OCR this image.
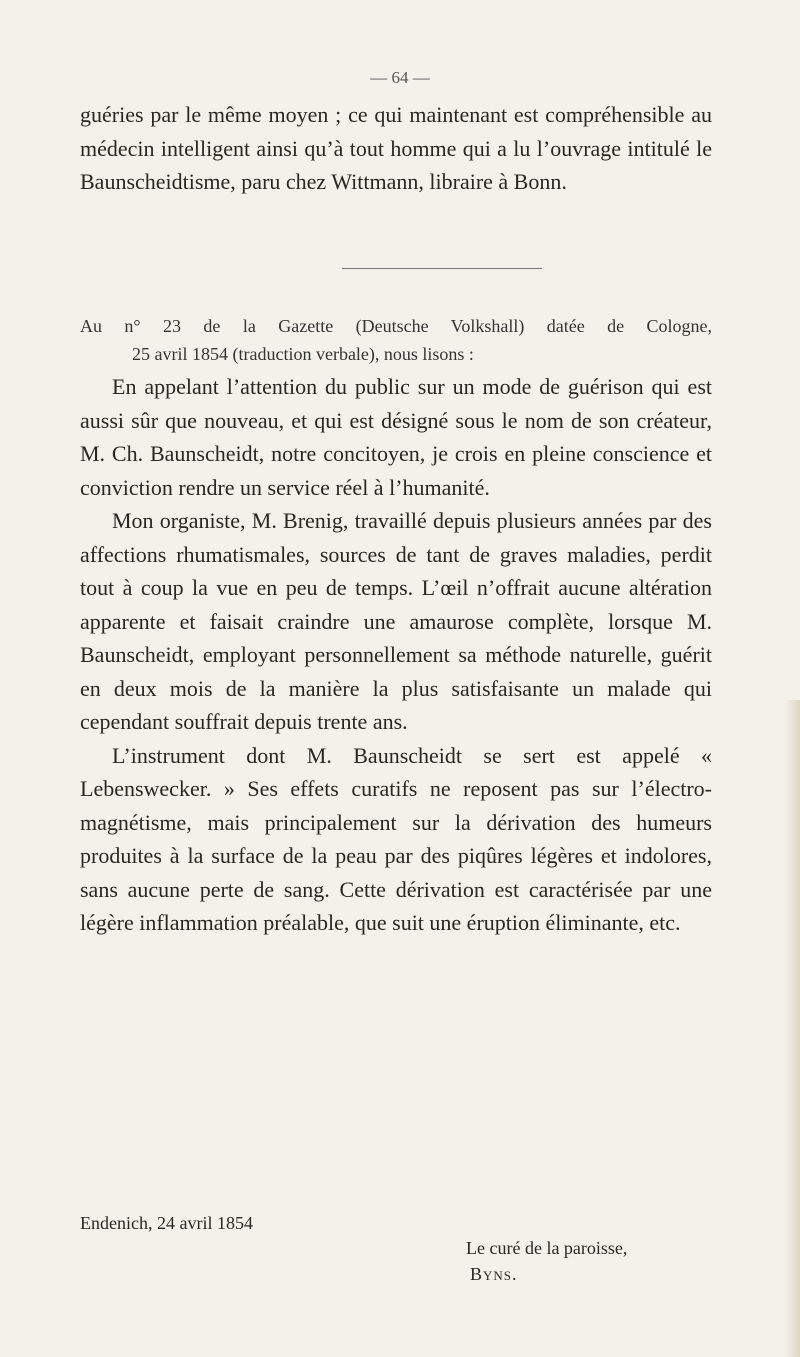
— 64 —
guéries par le même moyen ; ce qui maintenant est compréhensible au médecin intelligent ainsi qu’à tout homme qui a lu l’ouvrage intitulé le Baunscheidtisme, paru chez Wittmann, libraire à Bonn.
Au n° 23 de la Gazette (Deutsche Volkshall) datée de Cologne,
25 avril 1854 (traduction verbale), nous lisons :

En appelant l’attention du public sur un mode de guérison qui est aussi sûr que nouveau, et qui est désigné sous le nom de son créateur, M. Ch. Baunscheidt, notre concitoyen, je crois en pleine conscience et conviction rendre un service réel à l’humanité.

Mon organiste, M. Brenig, travaillé depuis plusieurs années par des affections rhumatismales, sources de tant de graves maladies, perdit tout à coup la vue en peu de temps. L’œil n’offrait aucune altération apparente et faisait craindre une amaurose complète, lorsque M. Baunscheidt, employant personnellement sa méthode naturelle, guérit en deux mois de la manière la plus satisfaisante un malade qui cependant souffrait depuis trente ans.

L’instrument dont M. Baunscheidt se sert est appelé « Lebenswecker. » Ses effets curatifs ne reposent pas sur l’électro-magnétisme, mais principalement sur la dérivation des humeurs produites à la surface de la peau par des piqûres légères et indolores, sans aucune perte de sang. Cette dérivation est caractérisée par une légère inflammation préalable, que suit une éruption éliminante, etc.

Endenich, 24 avril 1854
Le curé de la paroisse,
Byns.
